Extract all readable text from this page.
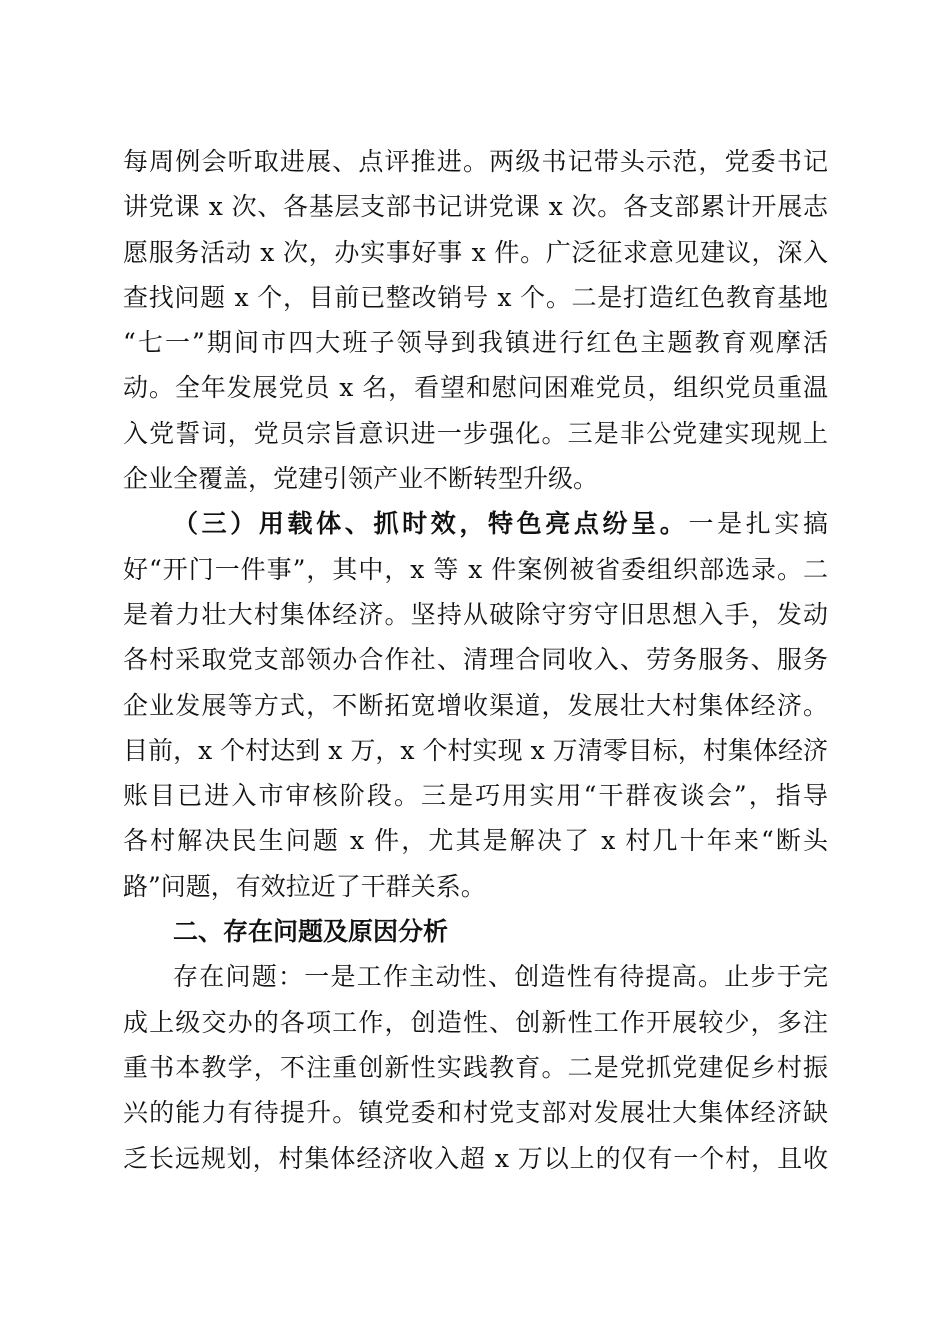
每周例会听取进展、点评推进。两级书记带头示范，党委书记
讲党课 x 次、各基层支部书记讲党课 x 次。各支部累计开展志
愿服务活动 x 次，办实事好事 x 件。广泛征求意见建议，深入
查找问题 x 个，目前已整改销号 x 个。二是打造红色教育基地
“七一”期间市四大班子领导到我镇进行红色主题教育观摩活
动。全年发展党员 x 名，看望和慰问困难党员，组织党员重温
入党誓词，党员宗旨意识进一步强化。三是非公党建实现规上
企业全覆盖，党建引领产业不断转型升级。
（三）用载体、抓时效，特色亮点纷呈。一是扎实搞
好“开门一件事”，其中，x 等 x 件案例被省委组织部选录。二
是着力壮大村集体经济。坚持从破除守穷守旧思想入手，发动
各村采取党支部领办合作社、清理合同收入、劳务服务、服务
企业发展等方式，不断拓宽增收渠道，发展壮大村集体经济。
目前，x 个村达到 x 万，x 个村实现 x 万清零目标，村集体经济
账目已进入市审核阶段。三是巧用实用“干群夜谈会”，指导
各村解决民生问题 x 件，尤其是解决了 x 村几十年来“断头
路”问题，有效拉近了干群关系。
二、存在问题及原因分析
存在问题：一是工作主动性、创造性有待提高。止步于完
成上级交办的各项工作，创造性、创新性工作开展较少，多注
重书本教学，不注重创新性实践教育。二是党抓党建促乡村振
兴的能力有待提升。镇党委和村党支部对发展壮大集体经济缺
乏长远规划，村集体经济收入超 x 万以上的仅有一个村，且收
